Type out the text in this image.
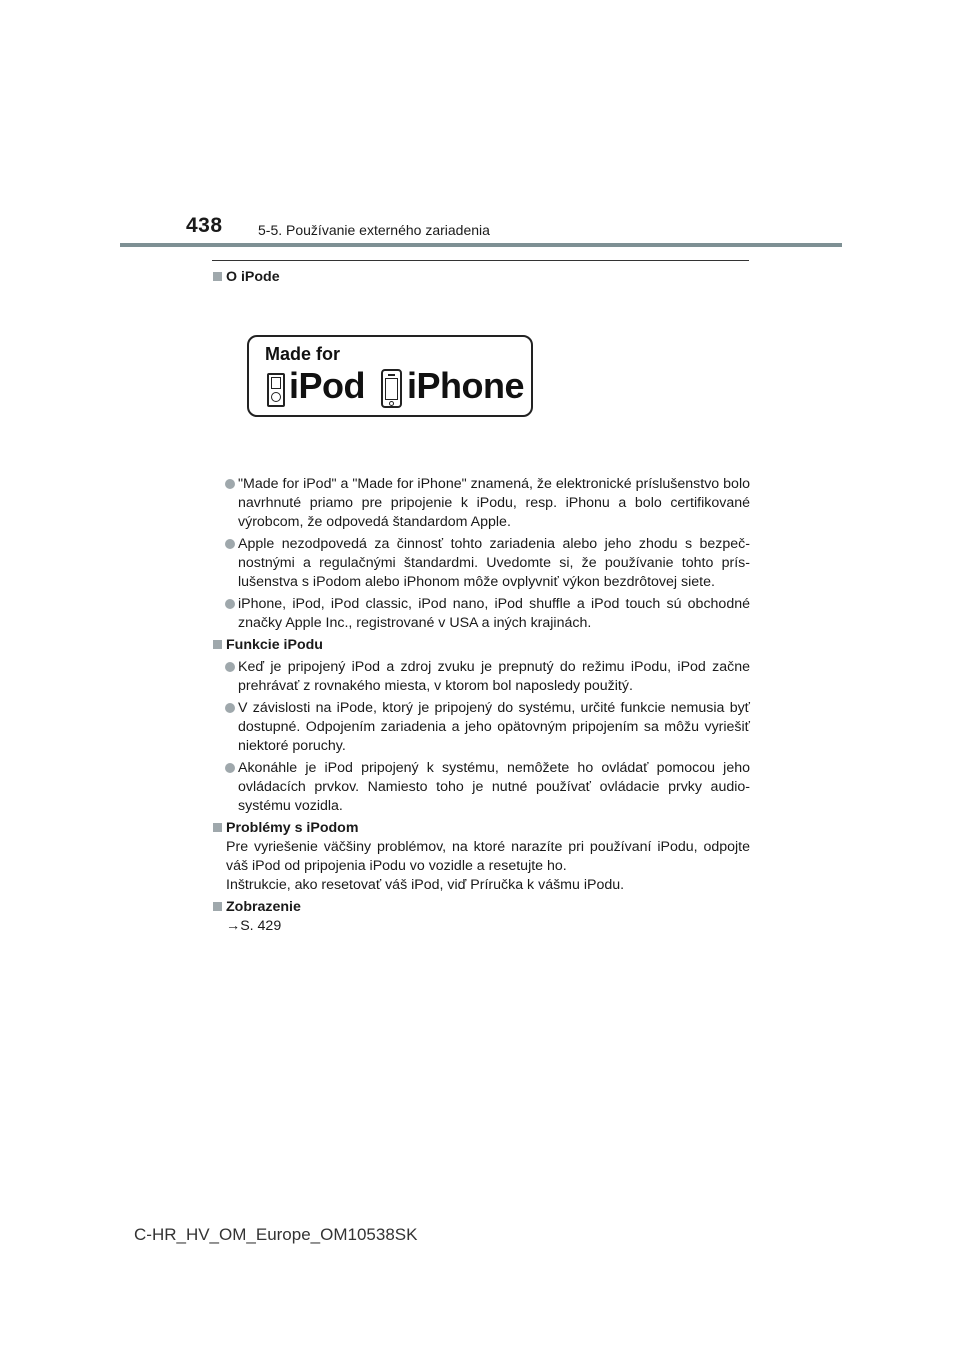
438	5-5. Používanie externého zariadenia
Made for
iPod iPhone

O iPode

"Made for iPod" a "Made for iPhone" znamená, že elektronické príslušenstvo bolo navrhnuté priamo pre pripojenie k iPodu, resp. iPhonu a bolo certifikované výrobcom, že odpovedá štandardom Apple.
Apple nezodpovedá za činnosť tohto zariadenia alebo jeho zhodu s bezpečnostnými a regulačnými štandardmi. Uvedomte si, že používanie tohto príslušenstva s iPodom alebo iPhonom môže ovplyvniť výkon bezdrôtovej siete.
iPhone, iPod, iPod classic, iPod nano, iPod shuffle a iPod touch sú obchodné značky Apple Inc., registrované v USA a iných krajinách.

Funkcie iPodu

Keď je pripojený iPod a zdroj zvuku je prepnutý do režimu iPodu, iPod začne prehrávať z rovnakého miesta, v ktorom bol naposledy použitý.
V závislosti na iPode, ktorý je pripojený do systému, určité funkcie nemusia byť dostupné. Odpojením zariadenia a jeho opätovným pripojením sa môžu vyriešiť niektoré poruchy.
Akonáhle je iPod pripojený k systému, nemôžete ho ovládať pomocou jeho ovládacích prvkov. Namiesto toho je nutné používať ovládacie prvky audiosystému vozidla.

Problémy s iPodom

Pre vyriešenie väčšiny problémov, na ktoré narazíte pri používaní iPodu, odpojte váš iPod od pripojenia iPodu vo vozidle a resetujte ho.

Inštrukcie, ako resetovať váš iPod, viď Príručka k vášmu iPodu.

Zobrazenie

→S. 429

C-HR_HV_OM_Europe_OM10538SK
